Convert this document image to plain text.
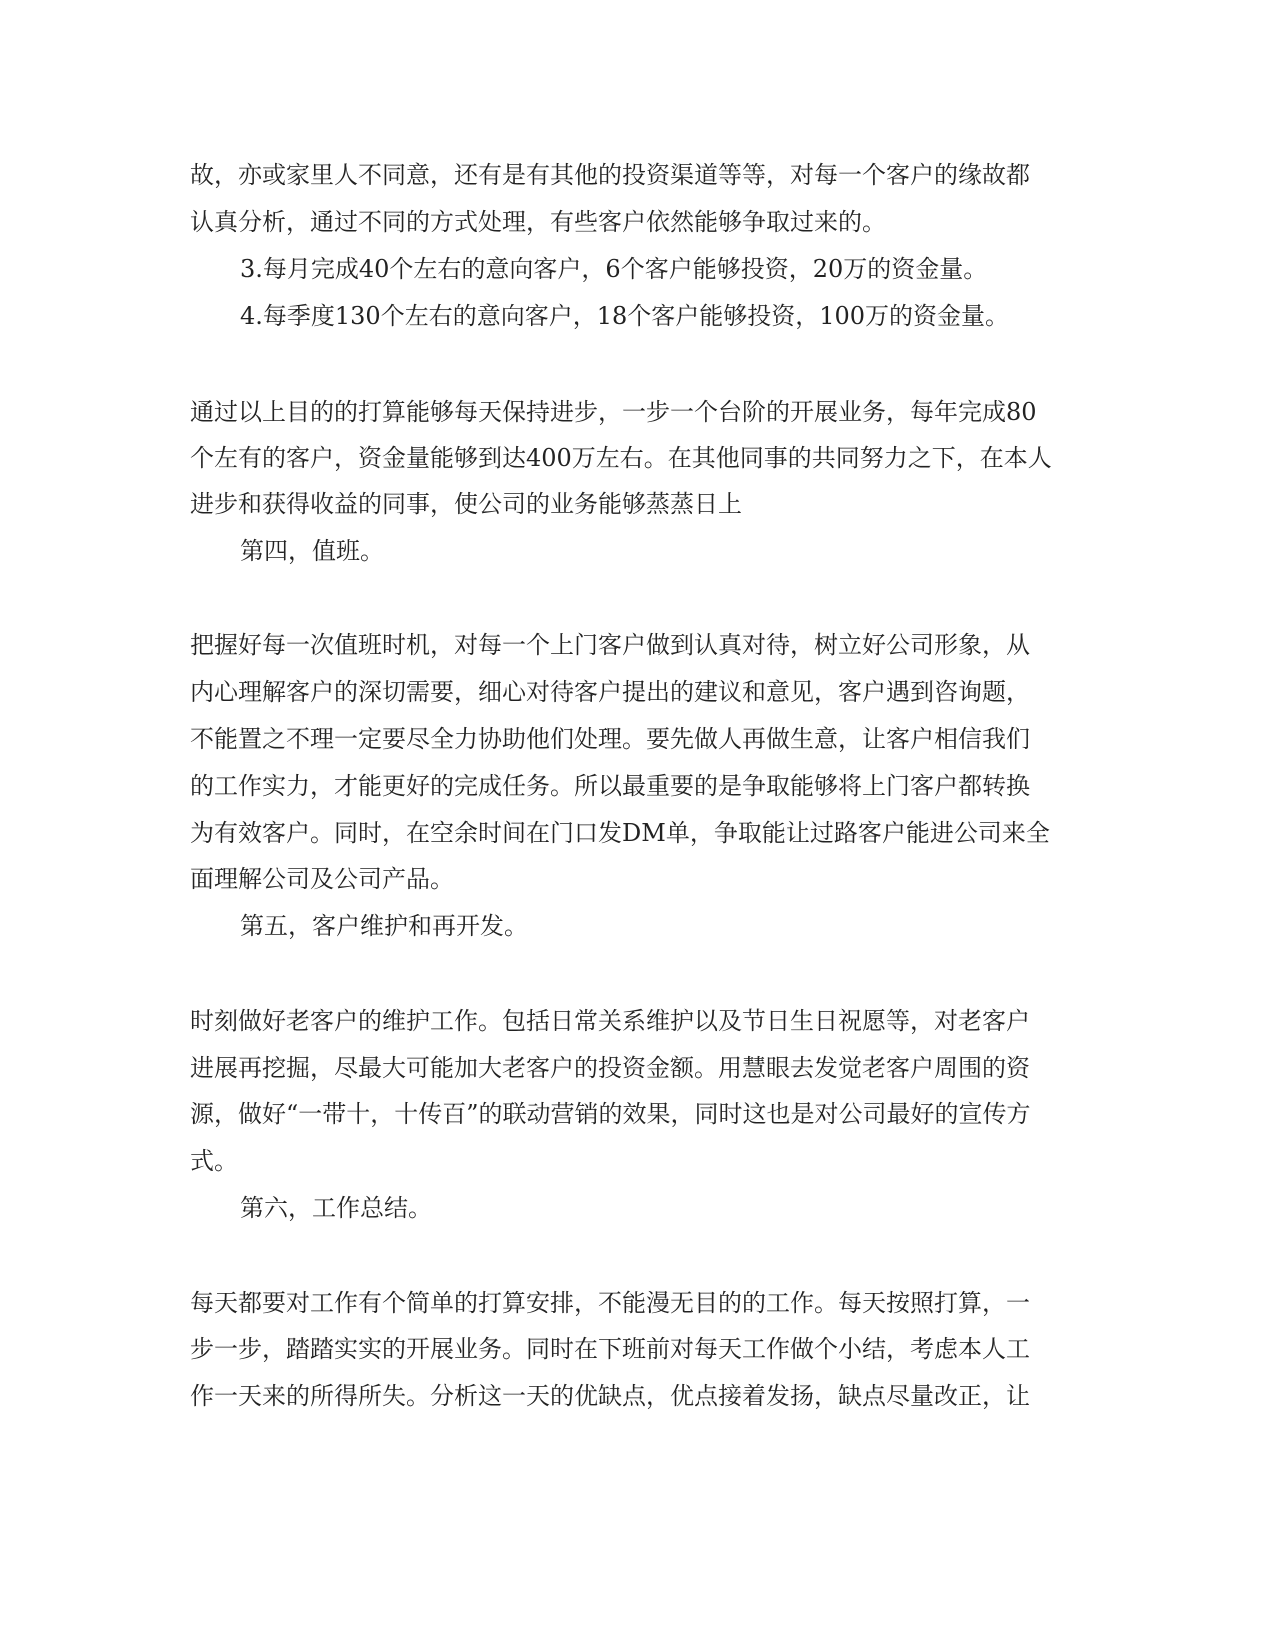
故，亦或家里人不同意，还有是有其他的投资渠道等等，对每一个客户的缘故都

认真分析，通过不同的方式处理，有些客户依然能够争取过来的。

3.每月完成40个左右的意向客户，6个客户能够投资，20万的资金量。

4.每季度130个左右的意向客户，18个客户能够投资，100万的资金量。

通过以上目的的打算能够每天保持进步，一步一个台阶的开展业务，每年完成80

个左有的客户，资金量能够到达400万左右。在其他同事的共同努力之下，在本人

进步和获得收益的同事，使公司的业务能够蒸蒸日上

第四，值班。

把握好每一次值班时机，对每一个上门客户做到认真对待，树立好公司形象，从

内心理解客户的深切需要，细心对待客户提出的建议和意见，客户遇到咨询题，

不能置之不理一定要尽全力协助他们处理。要先做人再做生意，让客户相信我们

的工作实力，才能更好的完成任务。所以最重要的是争取能够将上门客户都转换

为有效客户。同时，在空余时间在门口发DM单，争取能让过路客户能进公司来全

面理解公司及公司产品。

第五，客户维护和再开发。

时刻做好老客户的维护工作。包括日常关系维护以及节日生日祝愿等，对老客户

进展再挖掘，尽最大可能加大老客户的投资金额。用慧眼去发觉老客户周围的资

源，做好“一带十，十传百”的联动营销的效果，同时这也是对公司最好的宣传方

式。

第六，工作总结。

每天都要对工作有个简单的打算安排，不能漫无目的的工作。每天按照打算，一

步一步，踏踏实实的开展业务。同时在下班前对每天工作做个小结，考虑本人工

作一天来的所得所失。分析这一天的优缺点，优点接着发扬，缺点尽量改正，让
